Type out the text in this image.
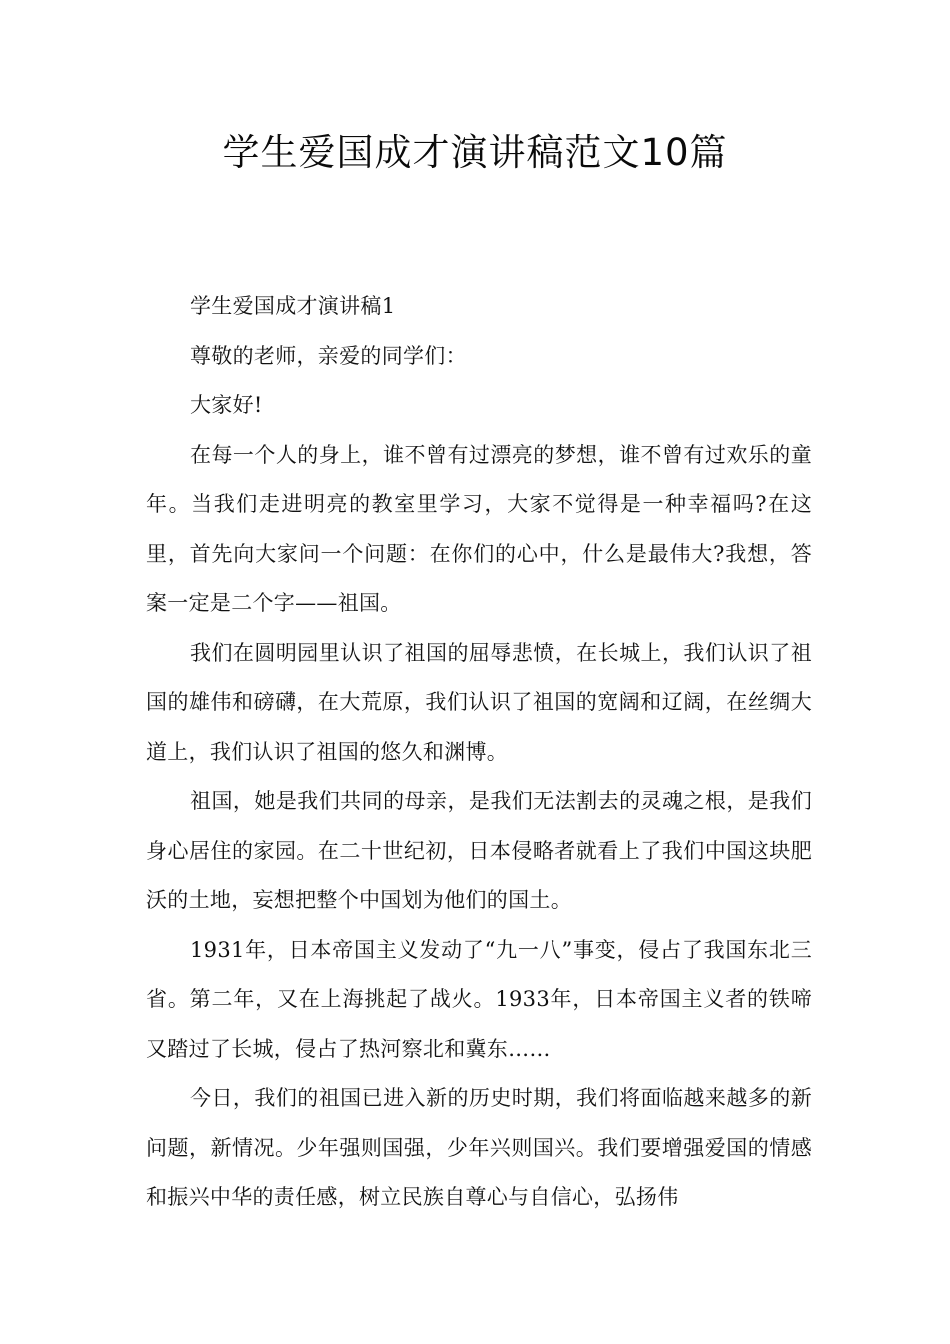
学生爱国成才演讲稿范文10篇

学生爱国成才演讲稿1

尊敬的老师，亲爱的同学们：

大家好!

在每一个人的身上，谁不曾有过漂亮的梦想，谁不曾有过欢乐的童年。当我们走进明亮的教室里学习，大家不觉得是一种幸福吗?在这里，首先向大家问一个问题：在你们的心中，什么是最伟大?我想，答案一定是二个字——祖国。

我们在圆明园里认识了祖国的屈辱悲愤，在长城上，我们认识了祖国的雄伟和磅礴，在大荒原，我们认识了祖国的宽阔和辽阔，在丝绸大道上，我们认识了祖国的悠久和渊博。

祖国，她是我们共同的母亲，是我们无法割去的灵魂之根，是我们身心居住的家园。在二十世纪初，日本侵略者就看上了我们中国这块肥沃的土地，妄想把整个中国划为他们的国土。

1931年，日本帝国主义发动了“九一八”事变，侵占了我国东北三省。第二年，又在上海挑起了战火。1933年，日本帝国主义者的铁啼又踏过了长城，侵占了热河察北和冀东……

今日，我们的祖国已进入新的历史时期，我们将面临越来越多的新问题，新情况。少年强则国强，少年兴则国兴。我们要增强爱国的情感和振兴中华的责任感，树立民族自尊心与自信心，弘扬伟
